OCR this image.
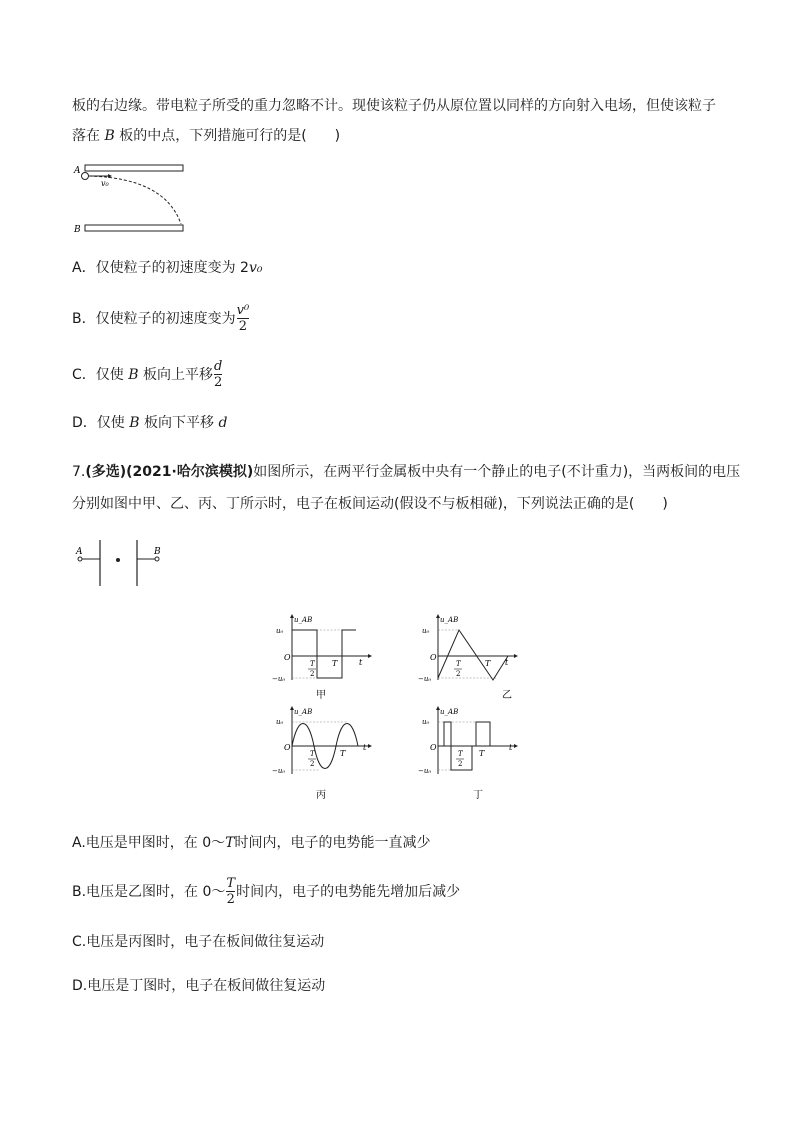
板的右边缘。带电粒子所受的重力忽略不计。现使该粒子仍从原位置以同样的方向射入电场，但使该粒子
落在 B 板的中点，下列措施可行的是(　　)
A
B
v₀
A．仅使粒子的初速度变为 2v₀
B．仅使粒子的初速度变为 $\frac{\text{v⁰}}{2}$
C．仅使 B 板向上平移 $\frac{d}{2}$
D．仅使 B 板向下平移 d
7.(多选)(2021·哈尔滨模拟)如图所示，在两平行金属板中央有一个静止的电子(不计重力)，当两板间的电压
分别如图中甲、乙、丙、丁所示时，电子在板间运动(假设不与板相碰)，下列说法正确的是(　　)
A	B
u_AB
u₀
−u₀
O
t
T
2
T
甲
u_AB
u₀
−u₀
O
t
T
2
T
乙
u_AB
u₀
−u₀
O	t
T
2
T
丙
u_AB
u₀
−u₀
O	t
T
2
T
丁
A.电压是甲图时，在 0～T时间内，电子的电势能一直减少
B.电压是乙图时，在 0～ $\frac{T}{2}$ 时间内，电子的电势能先增加后减少
C.电压是丙图时，电子在板间做往复运动
D.电压是丁图时，电子在板间做往复运动
